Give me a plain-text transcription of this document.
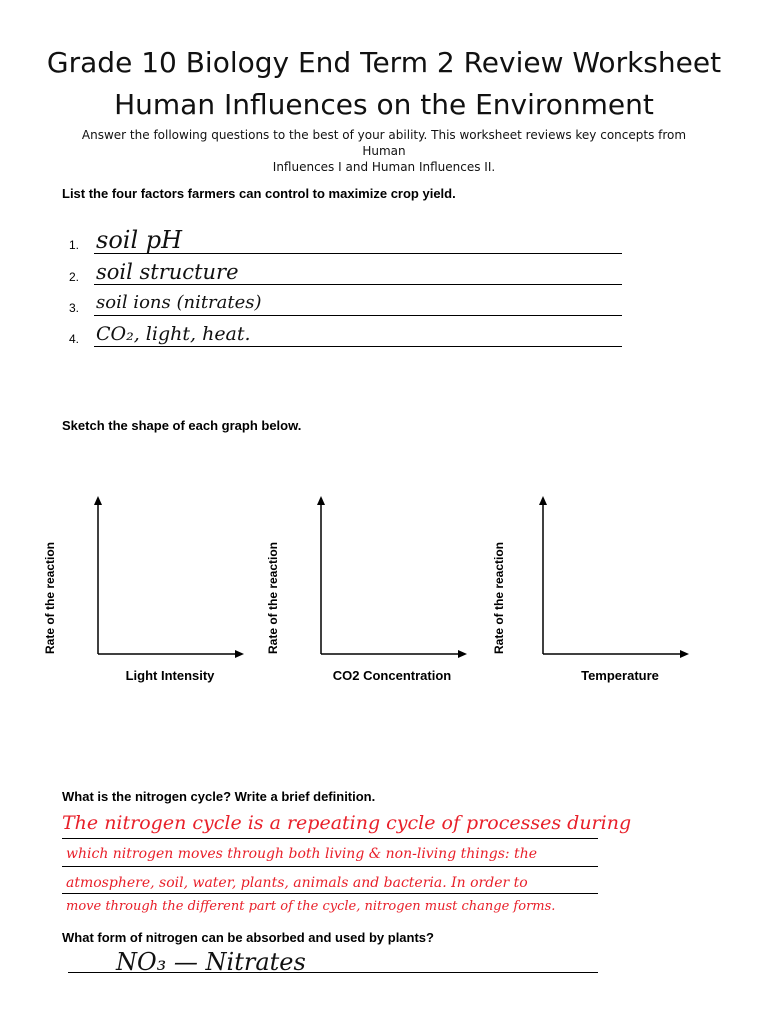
Grade 10 Biology End Term 2 Review Worksheet
Human Influences on the Environment
Answer the following questions to the best of your ability. This worksheet reviews key concepts from Human
Influences I and Human Influences II.
List the four factors farmers can control to maximize crop yield.
1. soil pH
2. soil structure
3. soil ions (nitrates)
4. CO₂, light, heat.
Sketch the shape of each graph below.
Rate of the reaction
Light Intensity
Rate of the reaction
CO2 Concentration
Rate of the reaction
Temperature
What is the nitrogen cycle? Write a brief definition.
The nitrogen cycle is a repeating cycle of processes during
which nitrogen moves through both living & non-living things: the
atmosphere, soil, water, plants, animals and bacteria. In order to
move through the different part of the cycle, nitrogen must change forms.
What form of nitrogen can be absorbed and used by plants?
NO₃ — Nitrates
